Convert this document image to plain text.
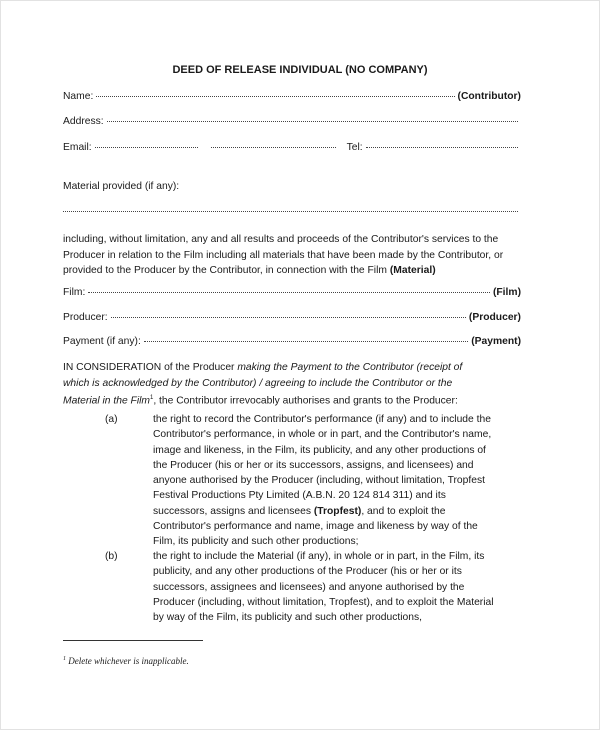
DEED OF RELEASE INDIVIDUAL (NO COMPANY)
Name:	(Contributor)
Address:
Email:	Tel:
Material provided (if any):
including, without limitation, any and all results and proceeds of the Contributor's services to the Producer in relation to the Film including all materials that have been made by the Contributor, or provided to the Producer by the Contributor, in connection with the Film (Material)
Film:	(Film)
Producer:	(Producer)
Payment (if any):	(Payment)
IN CONSIDERATION of the Producer making the Payment to the Contributor (receipt of which is acknowledged by the Contributor) / agreeing to include the Contributor or the Material in the Film$^1$, the Contributor irrevocably authorises and grants to the Producer:
(a)	the right to record the Contributor's performance (if any) and to include the Contributor's performance, in whole or in part, and the Contributor's name, image and likeness, in the Film, its publicity, and any other productions of the Producer (his or her or its successors, assigns, and licensees) and anyone authorised by the Producer (including, without limitation, Tropfest Festival Productions Pty Limited (A.B.N. 20 124 814 311) and its successors, assigns and licensees (Tropfest), and to exploit the Contributor's performance and name, image and likeness by way of the Film, its publicity and such other productions;
(b)	the right to include the Material (if any), in whole or in part, in the Film, its publicity, and any other productions of the Producer (his or her or its successors, assignees and licensees) and anyone authorised by the Producer (including, without limitation, Tropfest), and to exploit the Material by way of the Film, its publicity and such other productions,
$^1$ Delete whichever is inapplicable.
